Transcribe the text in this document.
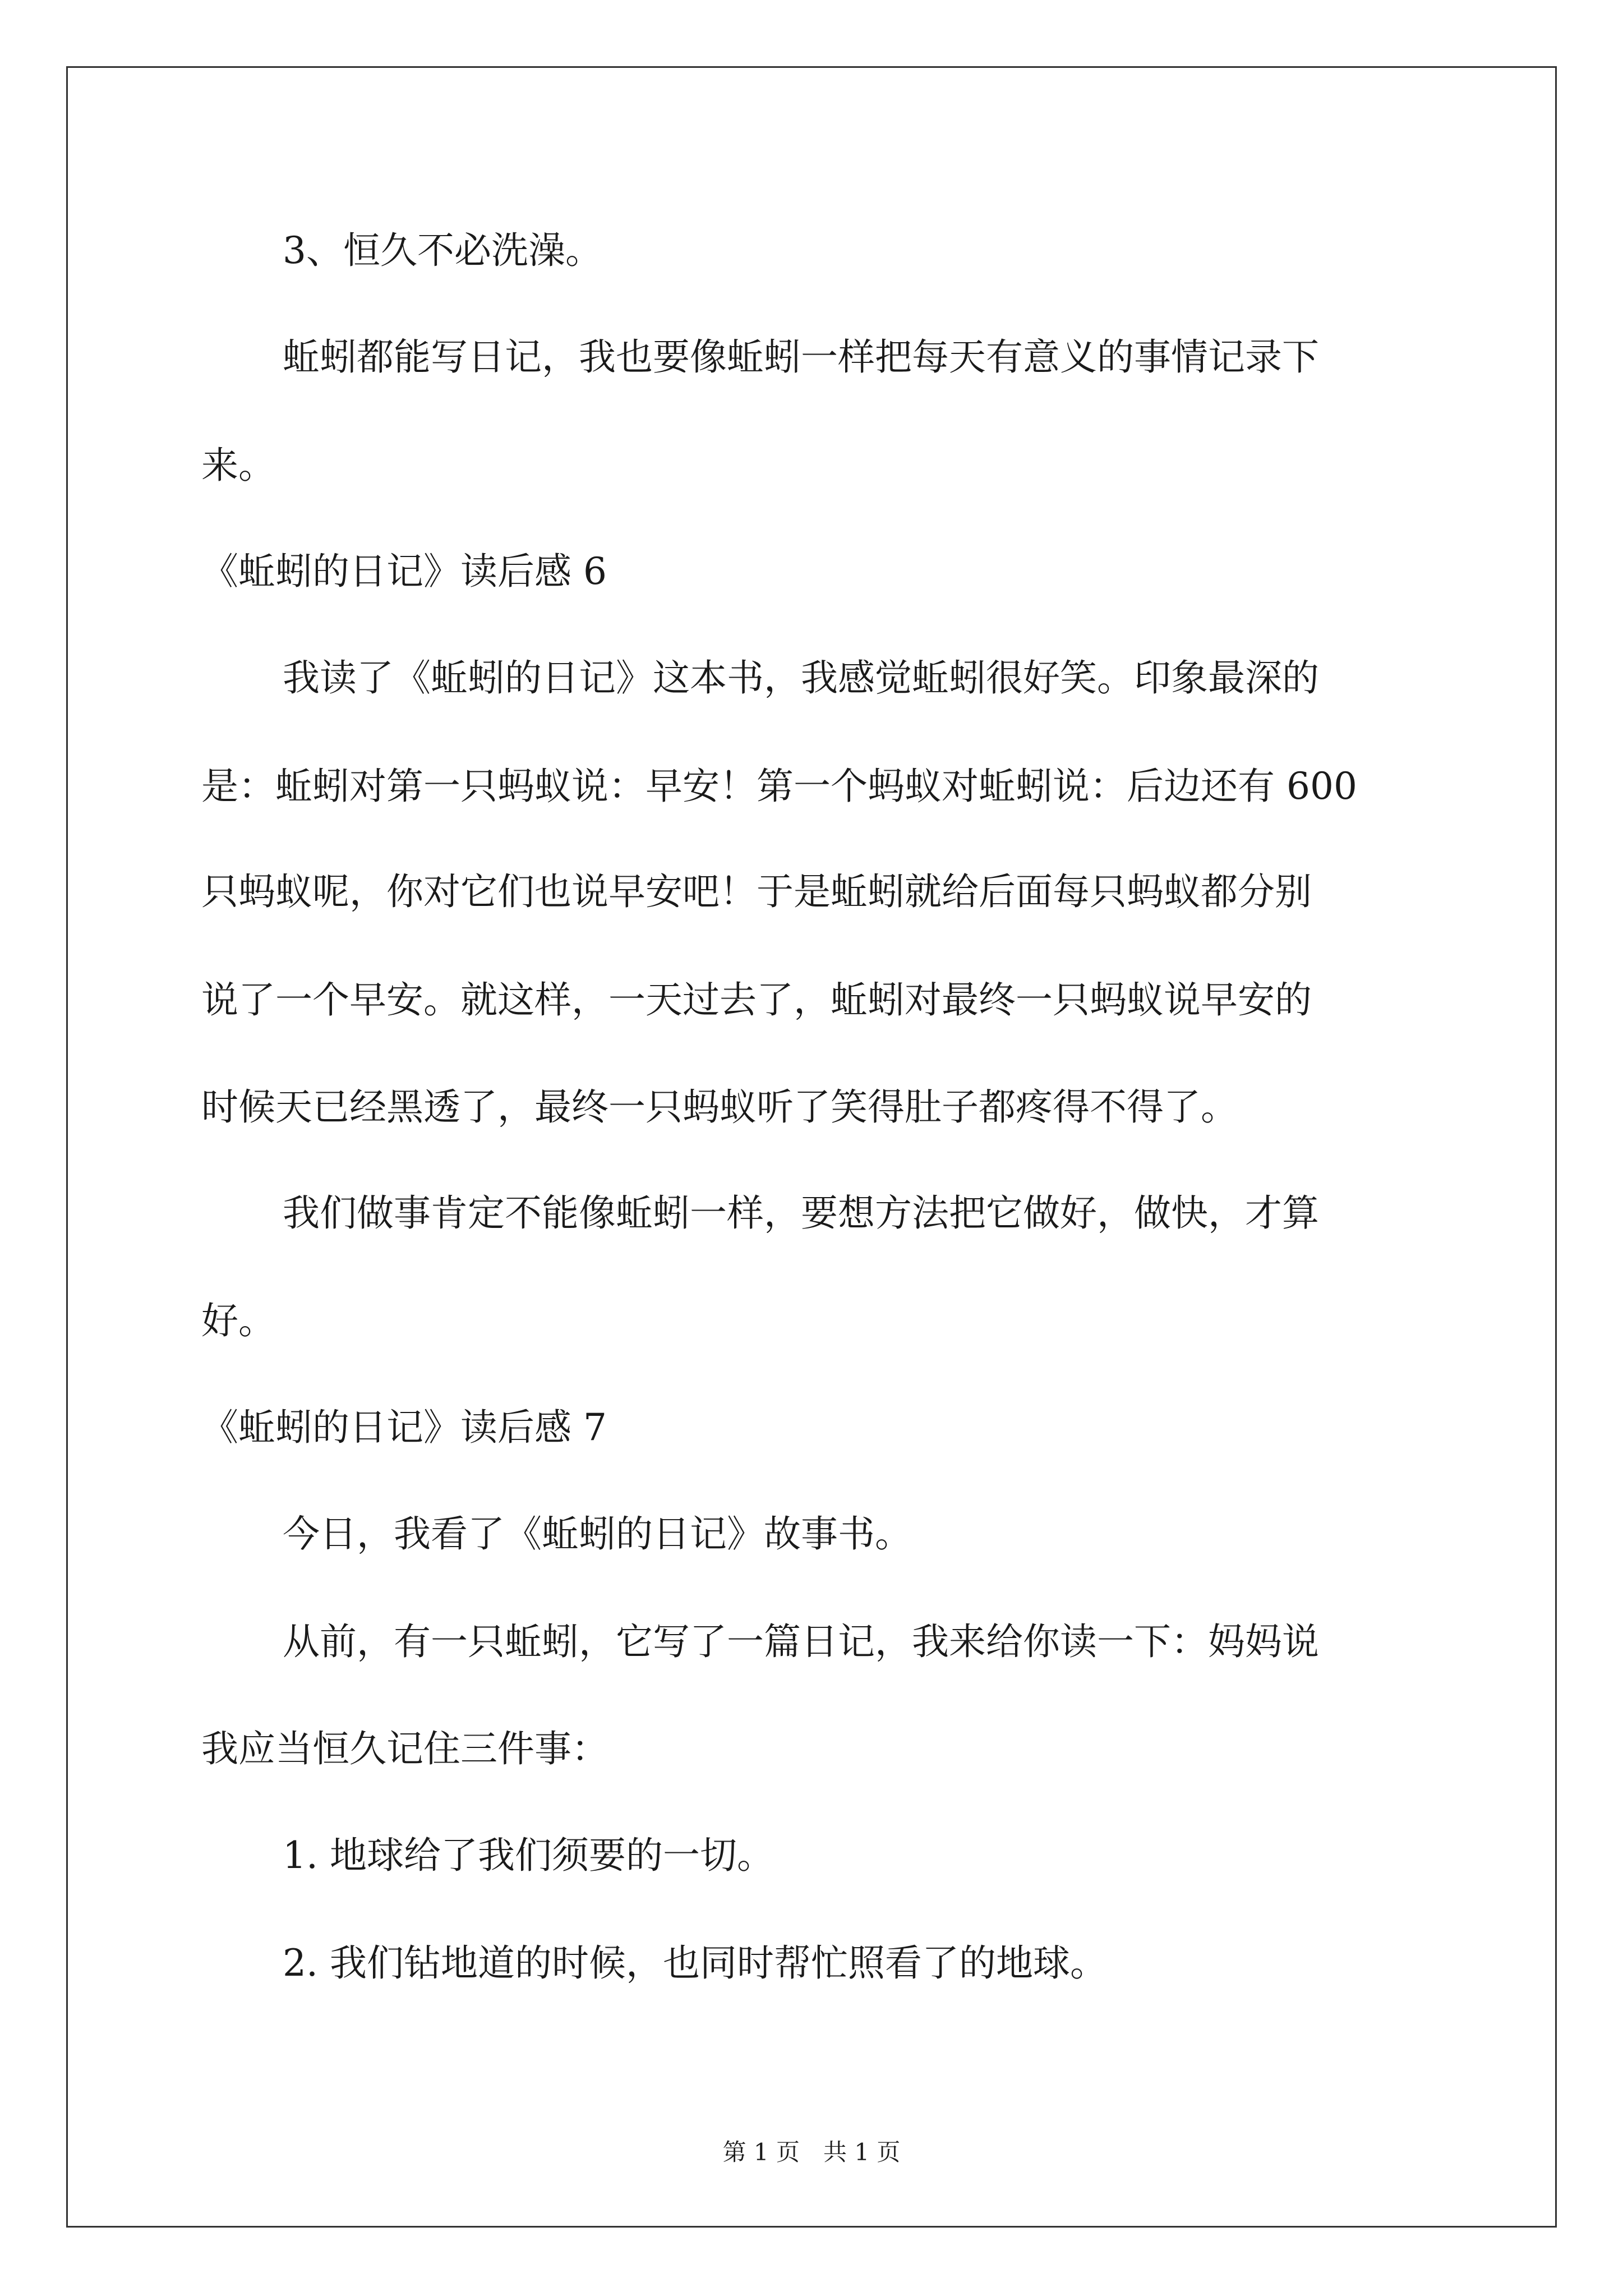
3、恒久不必洗澡。
蚯蚓都能写日记，我也要像蚯蚓一样把每天有意义的事情记录下
来。
《蚯蚓的日记》读后感 6
我读了《蚯蚓的日记》这本书，我感觉蚯蚓很好笑。印象最深的
是：蚯蚓对第一只蚂蚁说：早安！第一个蚂蚁对蚯蚓说：后边还有 600
只蚂蚁呢，你对它们也说早安吧！于是蚯蚓就给后面每只蚂蚁都分别
说了一个早安。就这样，一天过去了，蚯蚓对最终一只蚂蚁说早安的
时候天已经黑透了，最终一只蚂蚁听了笑得肚子都疼得不得了。
我们做事肯定不能像蚯蚓一样，要想方法把它做好，做快，才算
好。
《蚯蚓的日记》读后感 7
今日，我看了《蚯蚓的日记》故事书。
从前，有一只蚯蚓，它写了一篇日记，我来给你读一下：妈妈说
我应当恒久记住三件事：
1. 地球给了我们须要的一切。
2. 我们钻地道的时候，也同时帮忙照看了的地球。
第 1 页　共 1 页
